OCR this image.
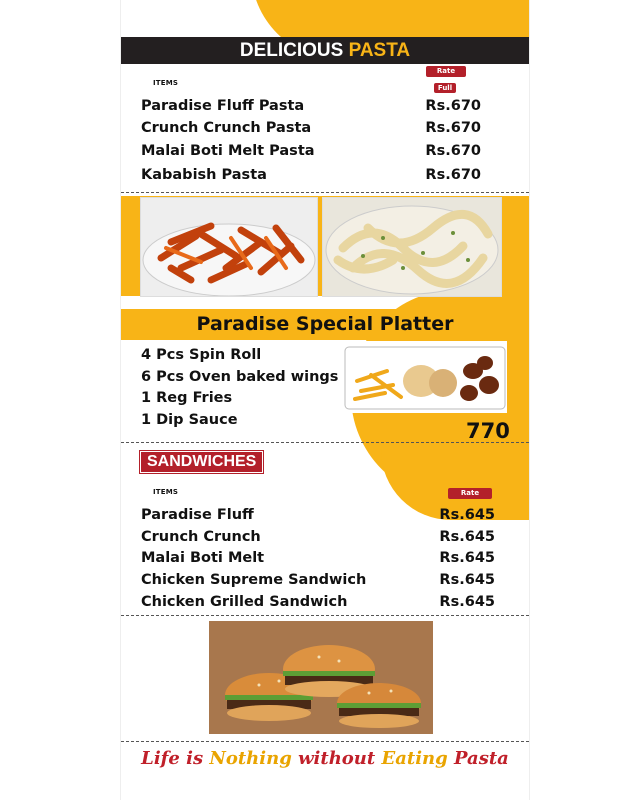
DELICIOUS PASTA
Rate
Full
ITEMS
Paradise Fluff Pasta	Rs.670
Crunch Crunch Pasta	Rs.670
Malai Boti Melt Pasta	Rs.670
Kababish Pasta	Rs.670
Paradise Special Platter
4 Pcs Spin Roll
6 Pcs Oven baked wings
1 Reg Fries
1 Dip Sauce	770
SANDWICHES
Rate
ITEMS
Paradise Fluff	Rs.645
Crunch Crunch	Rs.645
Malai Boti Melt	Rs.645
Chicken Supreme Sandwich	Rs.645
Chicken Grilled Sandwich	Rs.645
Life is Nothing without Eating Pasta
